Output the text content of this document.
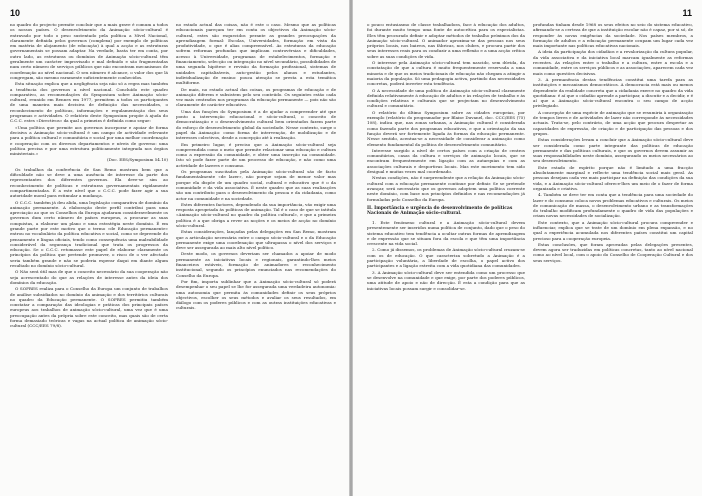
10

no quadro do projecto permite concluir que a mais grave é comum a todos os nossos países. O desenvolvimento da Animação sócio-cultural é entravado por todo o peso sustentado pela política a Nível Nacional, claramente definida pelos governos (complexa) por exemplo de políticas em matéria de alojamento (de educação) à qual a acção e as estruturas governamentais se possam adaptar. Na verdade, basta ter em conta, por outro lado, as estruturas ou domínios de Animação sócio-cultural têm geralmente um carácter improvisado e mal definido e são fragmentadas num certo número de serviços públicos que não encontram mecanismos de coordenação ao nível nacional. O seu número é alcance, o valor dos que lá congregam, são mesmo raramente suficientemente conhecidos.

Esta situação explica que a negligência seja não só a regra mas também a tendência dos governos a nível nacional. Concluído este quadro comparativo, as recomendações do Symposium sobre Animação sócio-cultural, reunido em Rennes em 1977, permitem a todos os participantes de uma maneira mais decisiva de definição das necessidades, o reconhecimento de políticas, informações e regulamentação dos seus programas e actividades. O relatório deste Symposium propõe à ajuda do C.C.C. estes «Directivos» da qual a primeira é definida como segue:

«Uma política que permite aos governos incorporar e apoiar de forma decisiva a Animação sócio-cultural é um campo de actividade relevante para a política cultural e comunitária e social por uma melhor coordenação e cooperação com os diversos departamentos e níveis de governo: uma política precisa e por uma estrutura politicamente integrada nos órgãos ministeriais.»

(Doc. EES/Symposium 54.10)

Os trabalhos da conferência de San Remo mostram bem que a dificuldade não se deve a uma ausência de interesse da parte dos representantes dos diferentes governos. Ela deve-se sim ao reconhecimento de políticas e estruturas governamentais rigidamente compartimentadas. É a este nível que o C.C.C. pode fazer agir a sua autoridade moral para estimular a mudança.

O C.C.C. também já deu alida, uma legislação comparativa de domínio da animação permanente. A elaboração deste perfil contribui para uma apreciação ao que os Conselhos da Europa ajudaram consideravelmente os governos dum certo número de países europeus, a procurar as suas conquistas, a elaborar um plano e uma estratégia neste domínio. É em grande parte por este motivo que o termo «de Educação permanente» entrou no vocabulário da política educativa e social, como se depreende do pensamento e língua oficiais, tendo como consequência uma maleabilidade considerável da segurança tradicional que trata os progressos da educação. Se o C.C.C. retomasse este papel de elaborar claramente os princípios da política que pretende promover, o risco de o ver afectado seria também grande e não se poderia esperar daqui em diante algum resultado no domínio sócio-cultural.

O Não será útil mas de que o conceito necessário da sua cooperação não seja acrescentado do que as relações de interesse antes da ideia dos domínios da educação.

O SOFRES realiza para o Conselho da Europa um conjunto de trabalhos de análise subsidiados no domínio da animação e dos territórios culturais no quadro da Educação permanente. O SOFRES permitiu também constatar a comparação das ideologias e práticas dos principais países europeus aos trabalhos de animação sócio-cultural, uma vez que é uma preocupação antes da própria sobre este conceito, mas quais são de certa forma demasiado teóricas e vagas na actual política de animação sócio-cultural (CCC/EES 79/8).

no estado actual das coisas, não é este o caso. Mesmo que as políticas educacionais pareçam ter em conta os objectivos da Animação sócio-cultural, estes são esquecidos perante as grandes preocupações da aprendizagem formal: Escolas, Universidades, formação em vista da produtividade, o que é alias compreensível. As estruturas da educação sofrem reformas profundas que implicam controvérsias e dificuldades, acesso à Universidade, programas de estabelecimentos, formação e financiamento, selecção ou integração no nível secundário, possibilidades de uma segunda hipótese e revisão da formação profissional, sistemas de unidades capitalizáveis, auto-gestão pelos alunos e estudantes, individualização de ensino: pouca atenção se presta a esta temática multiforme.

De mais, no estado actual das coisas, os programas de educação e de animação diferem e subsistem pelo seu conteúdo. Os seguintes estão cada vez mais centrados nos programas da educação permanente — pois não são claramente de carácter educativo.

Uma das funções do Symposium é a de ajudar a compreender até que ponto a intervenção educacional e sócio-cultural, o conceito de democratização e o desenvolvimento cultural bem orientados fazem parte do esforço de desenvolvimento global da sociedade. Nesse contexto, surge o papel da Animação: como forma de intervenção, de mobilização e de interesses colectivos, desde a concepção até à realização.

Em primeiro lugar, é preciso que a Animação sócio-cultural seja compreendida como o meio que permite relacionar uma educação e cultura como a expressão da comunidade, e obter uma inserção na comunidade. Isto só pode fazer parte de um processo de educação, e não como uma actividade de lazeres e consumo.

Os programas suscitados pela Animação sócio-cultural são de facto fundamentalmente «de lazer», não porque sejam de menor valor mas porque ela dispõe de um quadro social, cultural e educativo que é o da comunidade e da vida associativa. É neste quadro que as suas realizações são um contributo para o desenvolvimento da pessoa e da cidadania, como actor na comunidade e na sociedade.

Estes diferentes factores, dependendo da sua importância, vão exigir uma resposta apropriada às políticas de animação. Tal é o caso de que se intitula «Animação sócio-cultural no quadro da política cultural», e que a primeira política é a que obriga a rever as noções e os meios de acção no domínio sócio-cultural.

Estas considerações, lançadas pelas delegações em San Remo, mostram que a articulação necessária entre o campo sócio-cultural e o da Educação permanente exige uma coordenação que ultrapassa o nível dos serviços e deve ser assegurada ao mais alto nível político.

Deste modo, os governos deveriam ser chamados a apoiar de modo permanente as iniciativas locais e regionais, garantindo-lhes meios financeiros estáveis, formação de animadores e reconhecimento institucional, segundo os princípios enunciados nas recomendações do Conselho da Europa.

Por fim, importa sublinhar que a Animação sócio-cultural só poderá desempenhar o seu papel se lhe for assegurada uma verdadeira autonomia: uma autonomia que permita às comunidades definir os seus próprios objectivos, escolher os seus métodos e avaliar os seus resultados, em diálogo com os poderes públicos e com as outras instituições educativas e culturais.

11

o pouco entusiasmo de classe trabalhadora, face à educação dos adultos, foi durante muito tempo uma fonte de autocrítica para os especialistas. Eles têm procurado definir e adoptar métodos de trabalho próximos dos da Animação sócio-cultural. O animador aproxima-se das pessoas nos seus próprios locais, nos bairros, nas fábricas, nos clubes, e procura partir dos seus interesses reais para os conduzir a uma reflexão e a uma acção crítica sobre as suas condições de vida.

O interesse pela Animação sócio-cultural tem nascido, sem dúvida, da constatação de que a cultura é muito frequentemente reservada a uma minoria e de que os meios tradicionais de educação não chegam a atingir a maioria da população. Só uma pedagogia activa, partindo das necessidades concretas, poderá inverter esta tendência.

O A necessidade de uma política de Animação sócio-cultural claramente definida relativamente à educação de adultos e às relações de trabalho e às condições relativas e culturais que se projectam no desenvolvimento cultural e comunitário.

O relatório do último Symposium sobre as cidades europeias, por exemplo (relatório do programador por Blaise Duvanel, doc. CCC/EES (75) 108), indica que, nas zonas urbanas, a Animação cultural é considerada como fazendo parte dos programas educativos, e que a orientação da sua função deverá ser fortemente ligada às formas da educação permanente. Nesse sentido, acentua-se a necessidade de considerar a animação como elemento fundamental da política de desenvolvimento comunitário.

Interesse surgido a nível de certos países com a criação de centros comunitários, casas da cultura e serviços de animação locais, que se encontram frequentemente em ligação com as autarquias e com as associações culturais e desportivas locais. Mas este movimento tem sido desigual e muitas vezes mal coordenado.

Nestas condições, não é surpreendente que a relação da Animação sócio-cultural com a educação permanente continue por definir. Se se pretende avançar, será necessário que os governos adoptem uma política coerente neste domínio, com base nos princípios definidos e nas recomendações já formuladas pelo Conselho da Europa.

II. Importância e urgência do desenvolvimento de políticas Nacionais de Animação sócio-cultural.

1. Este fenómeno cultural e a Animação sócio-cultural devem presentemente ser inseridos numa política de conjunto, dado que o peso do sistema educativo tem tendência a ocultar outras formas de aprendizagem e de expressão que se situam fora da escola e que têm uma importância crescente na vida social.

2. Como já dissemos, os problemas de Animação sócio-cultural cruzam-se com os de educação. O que caracteriza sobretudo a Animação é a participação voluntária, a liberdade de escolha, o papel activo dos participantes e a ligação estreita com a vida quotidiana das comunidades.

3. A Animação sócio-cultural deve ser entendida como um processo que se desenvolve na comunidade e que exige, por parte dos poderes públicos, uma atitude de apoio e não de direcção. É esta a condição para que as iniciativas locais possam surgir e consolidar-se.

profundas tinham desde 1968 os seus efeitos no seio do sistema educativo, afirmando-se a certeza de que a instituição escolar não é capaz, por si só, de responder às novas exigências da sociedade. Nos países membros, a formação de adultos e a educação permanente ocupam um lugar cada vez mais importante nas políticas educativas nacionais.

A ideia da participação dos cidadãos e a revalorização da cultura popular, da vida associativa e da iniciativa local marcam igualmente as reformas recentes. As relações entre o trabalho e a cultura, entre a escola e a comunidade, entre os serviços públicos e as associações, aparecem cada vez mais como questões decisivas.

3. A permanência destas tendências constitui uma tarefa para as instituições e mecanismos democráticos. A democracia está mais ou menos dependente da realidade concreta que a cidadania exerce no quadro da vida quotidiana: é aí que o cidadão aprende a participar, a discutir e a decidir, e é aí que a Animação sócio-cultural encontra o seu campo de acção privilegiado.

A concepção de uma espécie de animação que se resumiria à organização de tempos livres e de actividades de lazer não corresponde às necessidades actuais. Trata-se, pelo contrário, de uma acção que procura despertar as capacidades de expressão, de criação e de participação das pessoas e dos grupos.

Estas considerações levam a concluir que a Animação sócio-cultural deve ser considerada como parte integrante das políticas de educação permanente e das políticas culturais, e que os governos devem assumir as suas responsabilidades neste domínio, assegurando os meios necessários ao seu desenvolvimento.

Este estado de espírito porque não é limitado a uma fracção absolutamente marginal e reflecte uma tendência social mais geral. As pessoas desejam cada vez mais participar na definição das condições da sua vida, e a Animação sócio-cultural oferece-lhes um meio de o fazer de forma organizada e criativa.

4. Também se deve ter em conta que a tendência para uma sociedade do lazer e do consumo coloca novos problemas educativos e culturais. Os meios de comunicação de massa, o desenvolvimento urbano e as transformações do trabalho modificam profundamente o quadro de vida das populações e criam novas necessidades de socialização.

Este contexto, que a Animação sócio-cultural procura compreender e influenciar, explica que se trate de um domínio em plena expansão, e no qual a experiência acumulada nos diferentes países constitui um capital precioso para a cooperação europeia.

Estas conclusões, que foram aprovadas pelas delegações presentes, devem agora ser traduzidas em políticas concretas, tanto ao nível nacional como ao nível local, com o apoio do Conselho de Cooperação Cultural e dos seus serviços.
